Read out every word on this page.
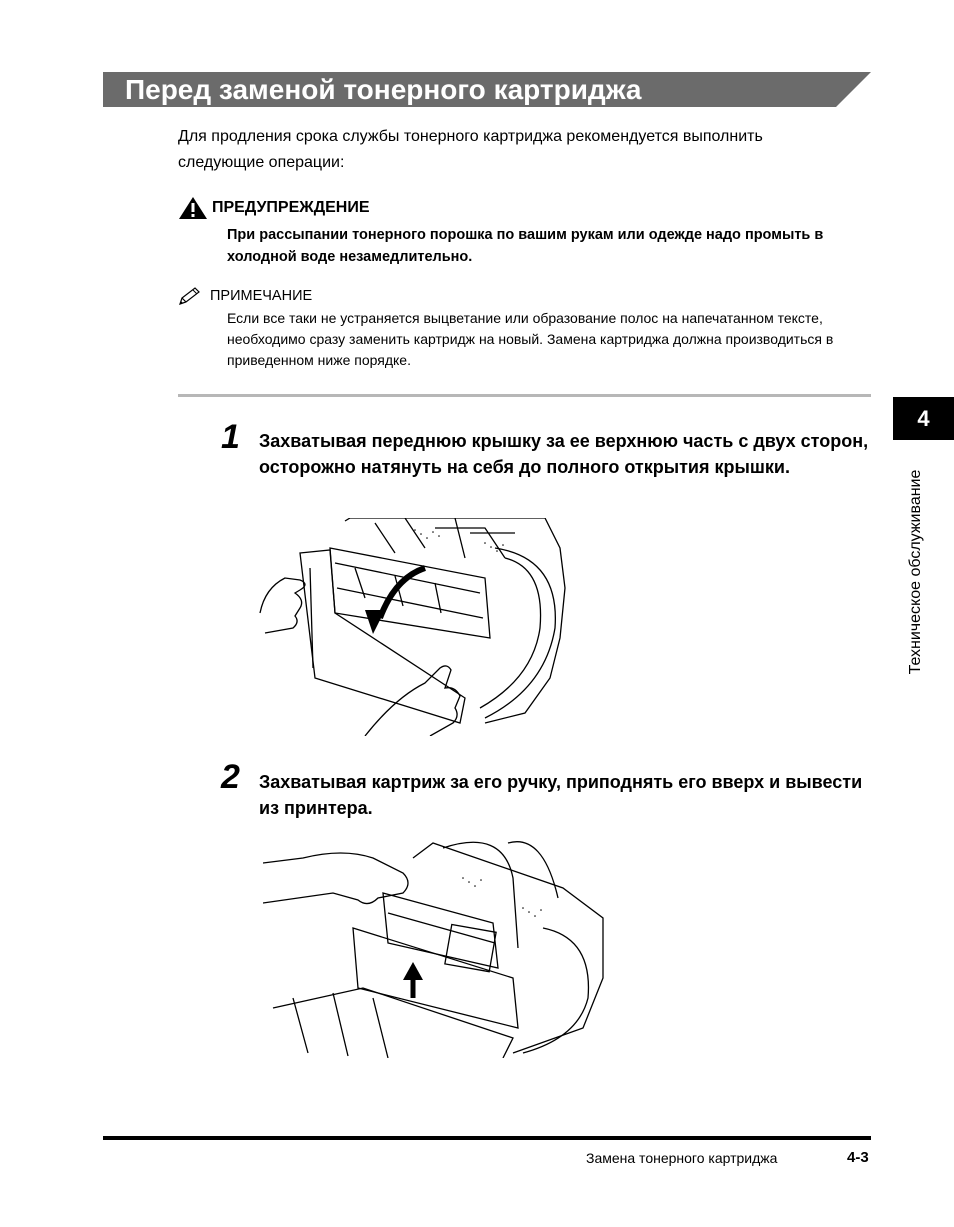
Перед заменой тонерного картриджа
Для продления срока службы тонерного картриджа рекомендуется выполнить следующие операции:
ПРЕДУПРЕЖДЕНИЕ
При рассыпании тонерного порошка по вашим рукам или одежде надо промыть в холодной воде незамедлительно.
ПРИМЕЧАНИЕ
Если все таки не устраняется выцветание или образование полос на напечатанном тексте, необходимо сразу заменить картридж на новый. Замена картриджа должна производиться в приведенном ниже порядке.
4
Техническое обслуживание
1 Захватывая переднюю крышку за ее верхнюю часть с двух сторон, осторожно натянуть на себя до полного открытия крышки.
2 Захватывая картриж за его ручку, приподнять его вверх и вывести из принтера.
Замена тонерного картриджа	4-3
